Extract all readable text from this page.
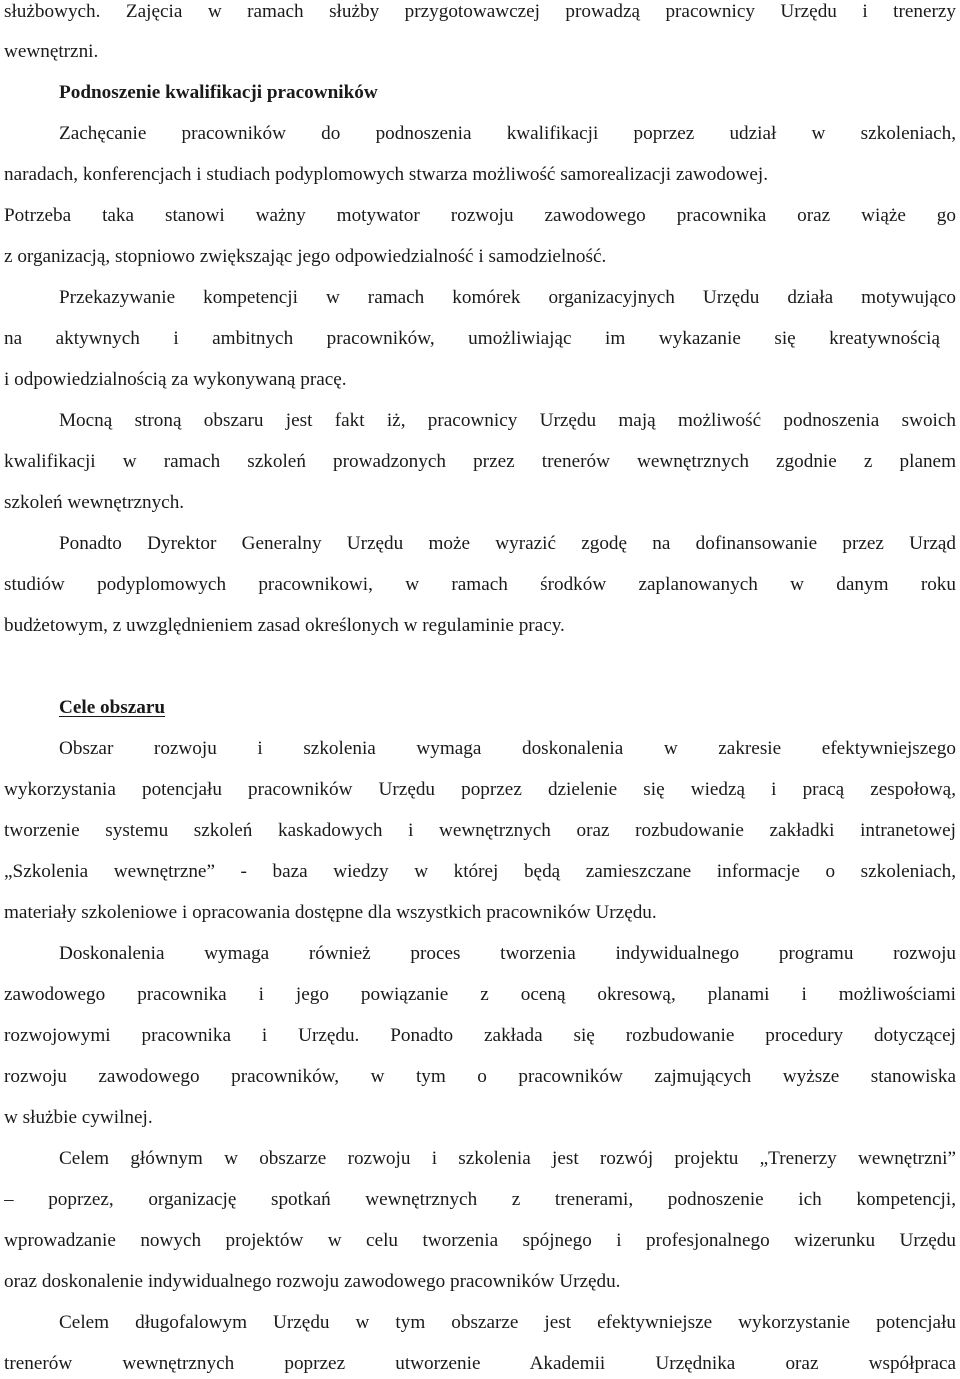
służbowych. Zajęcia w ramach służby przygotowawczej prowadzą pracownicy Urzędu i trenerzy
wewnętrzni.
Podnoszenie kwalifikacji pracowników
Zachęcanie pracowników do podnoszenia kwalifikacji poprzez udział w szkoleniach,
naradach, konferencjach i studiach podyplomowych stwarza możliwość samorealizacji zawodowej.
Potrzeba taka stanowi ważny motywator rozwoju zawodowego pracownika oraz wiąże go
z organizacją, stopniowo zwiększając jego odpowiedzialność i samodzielność.
Przekazywanie kompetencji w ramach komórek organizacyjnych Urzędu działa motywująco
na aktywnych i ambitnych pracowników, umożliwiając im wykazanie się kreatywnością
i odpowiedzialnością za wykonywaną pracę.
Mocną stroną obszaru jest fakt iż, pracownicy Urzędu mają możliwość podnoszenia swoich
kwalifikacji w ramach szkoleń prowadzonych przez trenerów wewnętrznych zgodnie z planem
szkoleń wewnętrznych.
Ponadto Dyrektor Generalny Urzędu może wyrazić zgodę na dofinansowanie przez Urząd
studiów podyplomowych pracownikowi, w ramach środków zaplanowanych w danym roku
budżetowym, z uwzględnieniem zasad określonych w regulaminie pracy.
Cele obszaru
Obszar rozwoju i szkolenia wymaga doskonalenia w zakresie efektywniejszego
wykorzystania potencjału pracowników Urzędu poprzez dzielenie się wiedzą i pracą zespołową,
tworzenie systemu szkoleń kaskadowych i wewnętrznych oraz rozbudowanie zakładki intranetowej
„Szkolenia wewnętrzne” - baza wiedzy w której będą zamieszczane informacje o szkoleniach,
materiały szkoleniowe i opracowania dostępne dla wszystkich pracowników Urzędu.
Doskonalenia wymaga również proces tworzenia indywidualnego programu rozwoju
zawodowego pracownika i jego powiązanie z oceną okresową, planami i możliwościami
rozwojowymi pracownika i Urzędu. Ponadto zakłada się rozbudowanie procedury dotyczącej
rozwoju zawodowego pracowników, w tym o pracowników zajmujących wyższe stanowiska
w służbie cywilnej.
Celem głównym w obszarze rozwoju i szkolenia jest rozwój projektu „Trenerzy wewnętrzni”
– poprzez, organizację spotkań wewnętrznych z trenerami, podnoszenie ich kompetencji,
wprowadzanie nowych projektów w celu tworzenia spójnego i profesjonalnego wizerunku Urzędu
oraz doskonalenie indywidualnego rozwoju zawodowego pracowników Urzędu.
Celem długofalowym Urzędu w tym obszarze jest efektywniejsze wykorzystanie potencjału
trenerów wewnętrznych poprzez utworzenie Akademii Urzędnika oraz współpraca
